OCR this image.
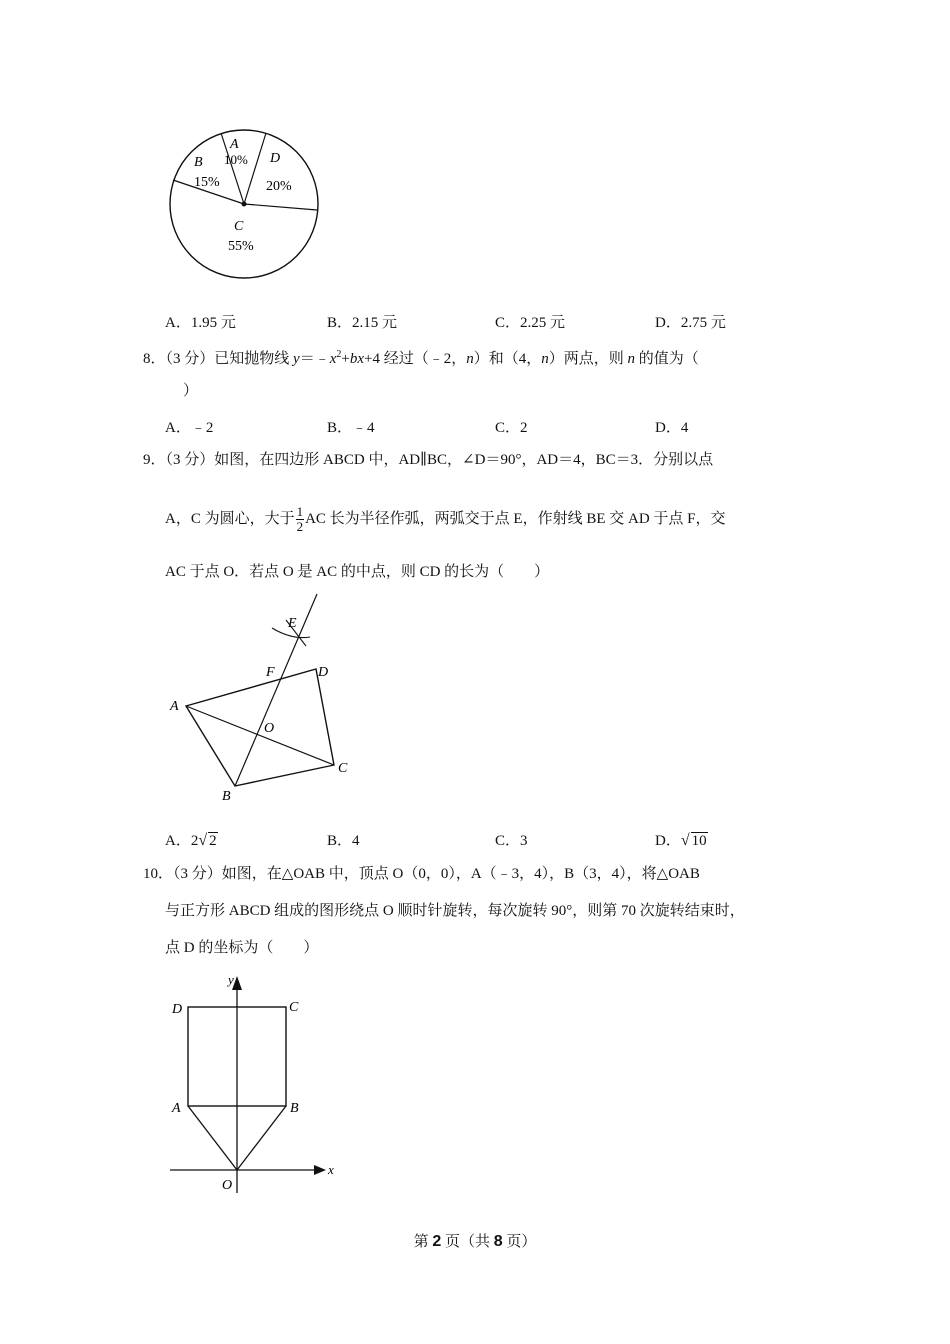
A
10%
B
15%
D
20%
C
55%
A．1.95 元	B．2.15 元	C．2.25 元	D．2.75 元
8．（3 分）已知抛物线 $y=﹣x^2+bx+4$ 经过（﹣2，n）和（4，n）两点，则 n 的值为（
）
A．﹣2	B．﹣4	C．2	D．4
9．（3 分）如图，在四边形 ABCD 中，AD∥BC，∠D＝90°，AD＝4，BC＝3．分别以点
A，C 为圆心，大于 $\frac{1}{2}$ AC 长为半径作弧，两弧交于点 E，作射线 BE 交 AD 于点 F，交
AC 于点 O．若点 O 是 AC 的中点，则 CD 的长为（　　）
A
B
C
D
E
F
O
A．2√ 2	B．4	C．3	D．√ 10
10．（3 分）如图，在△OAB 中，顶点 O（0，0），A（﹣3，4），B（3，4），将△OAB
与正方形 ABCD 组成的图形绕点 O 顺时针旋转，每次旋转 90°，则第 70 次旋转结束时，
点 D 的坐标为（　　）
D	C
A	B
O
x
y
第 2 页（共 8 页）
